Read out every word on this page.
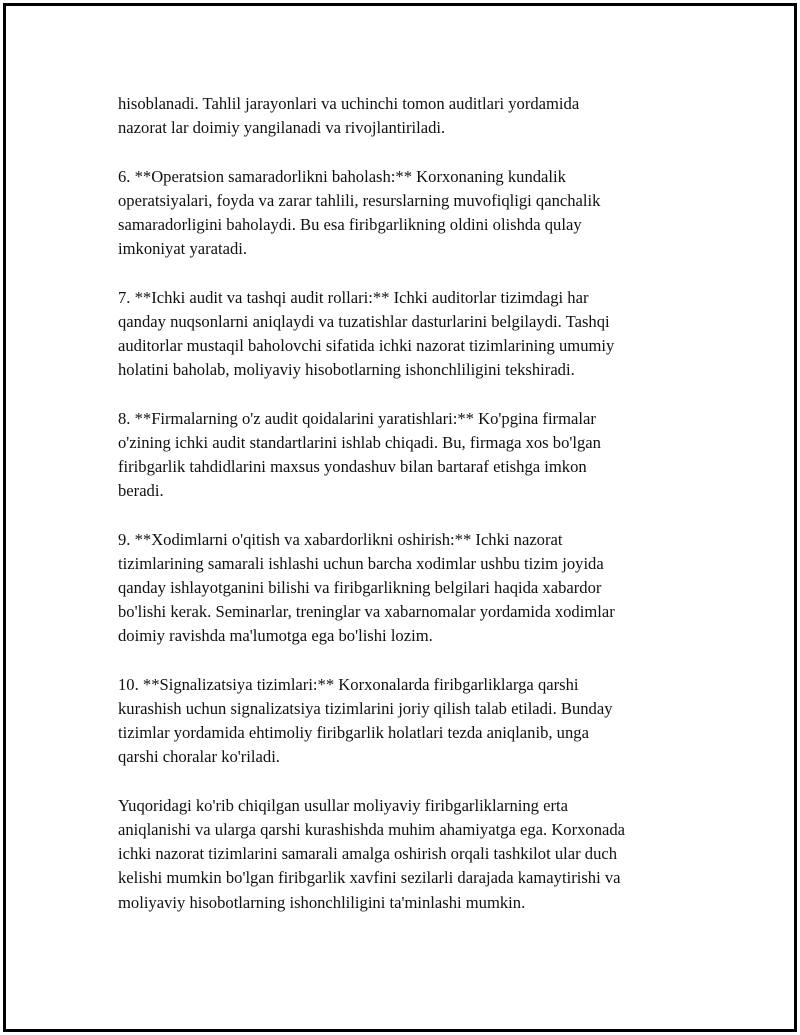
hisoblanadi. Tahlil jarayonlari va uchinchi tomon auditlari yordamida
nazorat lar doimiy yangilanadi va rivojlantiriladi.

6. **Operatsion samaradorlikni baholash:** Korxonaning kundalik
operatsiyalari, foyda va zarar tahlili, resurslarning muvofiqligi qanchalik
samaradorligini baholaydi. Bu esa firibgarlikning oldini olishda qulay
imkoniyat yaratadi.

7. **Ichki audit va tashqi audit rollari:** Ichki auditorlar tizimdagi har
qanday nuqsonlarni aniqlaydi va tuzatishlar dasturlarini belgilaydi. Tashqi
auditorlar mustaqil baholovchi sifatida ichki nazorat tizimlarining umumiy
holatini baholab, moliyaviy hisobotlarning ishonchliligini tekshiradi.

8. **Firmalarning o'z audit qoidalarini yaratishlari:** Ko'pgina firmalar
o'zining ichki audit standartlarini ishlab chiqadi. Bu, firmaga xos bo'lgan
firibgarlik tahdidlarini maxsus yondashuv bilan bartaraf etishga imkon
beradi.

9. **Xodimlarni o'qitish va xabardorlikni oshirish:** Ichki nazorat
tizimlarining samarali ishlashi uchun barcha xodimlar ushbu tizim joyida
qanday ishlayotganini bilishi va firibgarlikning belgilari haqida xabardor
bo'lishi kerak. Seminarlar, treninglar va xabarnomalar yordamida xodimlar
doimiy ravishda ma'lumotga ega bo'lishi lozim.

10. **Signalizatsiya tizimlari:** Korxonalarda firibgarliklarga qarshi
kurashish uchun signalizatsiya tizimlarini joriy qilish talab etiladi. Bunday
tizimlar yordamida ehtimoliy firibgarlik holatlari tezda aniqlanib, unga
qarshi choralar ko'riladi.

Yuqoridagi ko'rib chiqilgan usullar moliyaviy firibgarliklarning erta
aniqlanishi va ularga qarshi kurashishda muhim ahamiyatga ega. Korxonada
ichki nazorat tizimlarini samarali amalga oshirish orqali tashkilot ular duch
kelishi mumkin bo'lgan firibgarlik xavfini sezilarli darajada kamaytirishi va
moliyaviy hisobotlarning ishonchliligini ta'minlashi mumkin.
